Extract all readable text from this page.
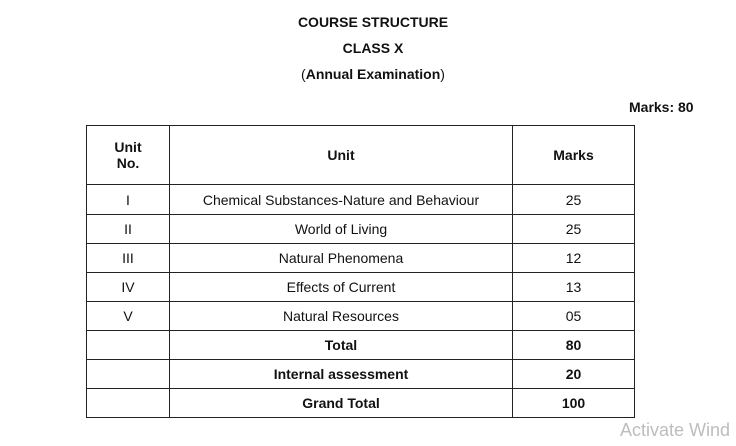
COURSE STRUCTURE
CLASS X
(Annual Examination)
Marks: 80
Unit
No.	Unit	Marks
I	Chemical Substances-Nature and Behaviour	25
II	World of Living	25
III	Natural Phenomena	12
IV	Effects of Current	13
V	Natural Resources	05
	Total	80
	Internal assessment	20
	Grand Total	100
Activate Wind
